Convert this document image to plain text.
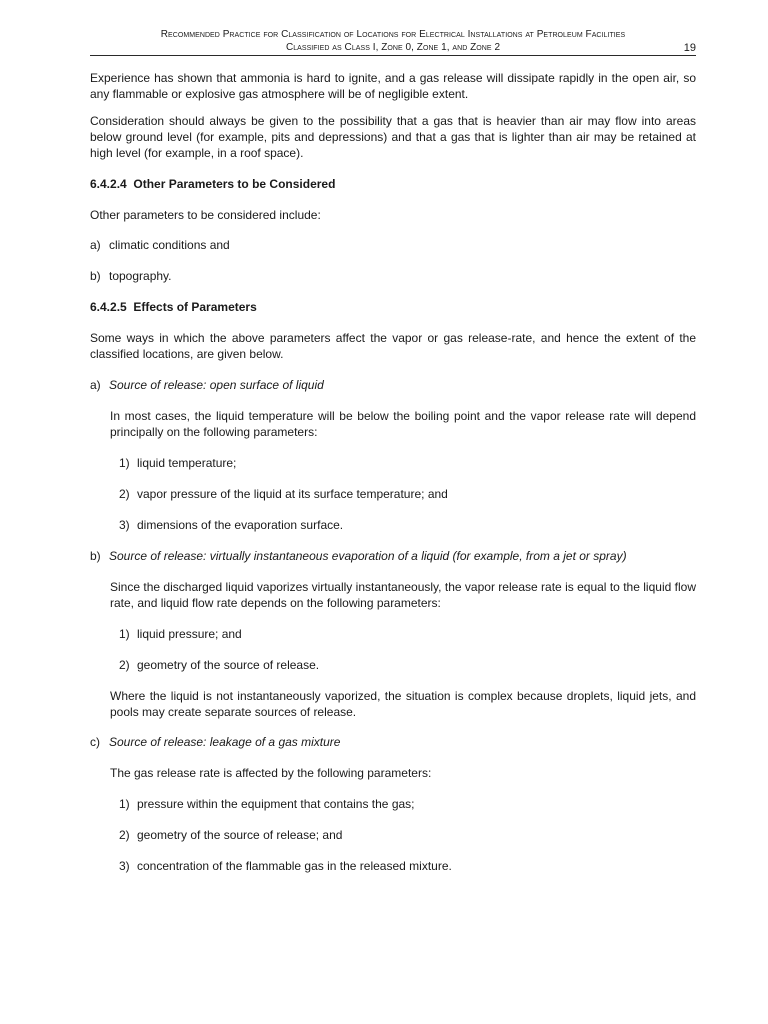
Recommended Practice for Classification of Locations for Electrical Installations at Petroleum Facilities
Classified as Class I, Zone 0, Zone 1, and Zone 2	19

Experience has shown that ammonia is hard to ignite, and a gas release will dissipate rapidly in the open air, so any flammable or explosive gas atmosphere will be of negligible extent.

Consideration should always be given to the possibility that a gas that is heavier than air may flow into areas below ground level (for example, pits and depressions) and that a gas that is lighter than air may be retained at high level (for example, in a roof space).

6.4.2.4 Other Parameters to be Considered

Other parameters to be considered include:

a) climatic conditions and
b) topography.
6.4.2.5 Effects of Parameters

Some ways in which the above parameters affect the vapor or gas release-rate, and hence the extent of the classified locations, are given below.

a) Source of release: open surface of liquid

In most cases, the liquid temperature will be below the boiling point and the vapor release rate will depend principally on the following parameters:

1) liquid temperature;
2) vapor pressure of the liquid at its surface temperature; and
3) dimensions of the evaporation surface.
b) Source of release: virtually instantaneous evaporation of a liquid (for example, from a jet or spray)

Since the discharged liquid vaporizes virtually instantaneously, the vapor release rate is equal to the liquid flow rate, and liquid flow rate depends on the following parameters:

1) liquid pressure; and
2) geometry of the source of release.

Where the liquid is not instantaneously vaporized, the situation is complex because droplets, liquid jets, and pools may create separate sources of release.

c) Source of release: leakage of a gas mixture

The gas release rate is affected by the following parameters:

1) pressure within the equipment that contains the gas;
2) geometry of the source of release; and
3) concentration of the flammable gas in the released mixture.
